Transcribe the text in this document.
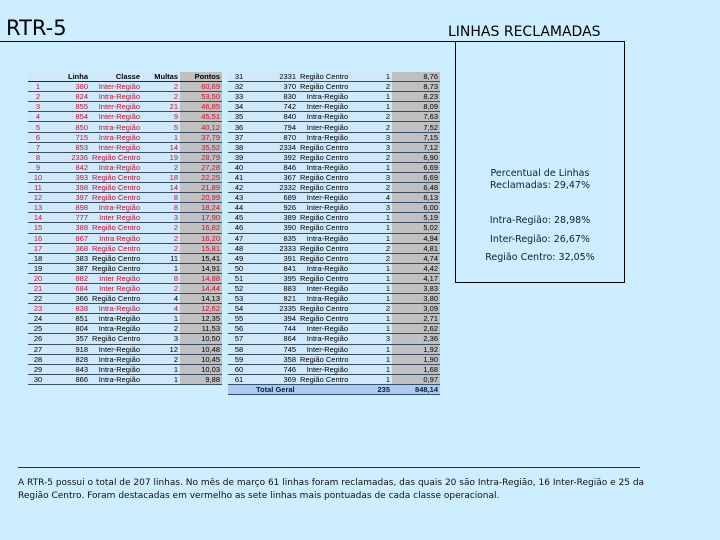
RTR-5	LINHAS RECLAMADAS
	Linha	Classe	Multas	Pontos
1	380	Inter-Região	2	60,69
2	824	Intra-Região	2	53,50
3	855	Inter-Região	21	46,85
4	854	Inter-Região	9	45,51
5	850	Intra-Região	5	40,12
6	715	Intra-Região	1	37,79
7	853	Inter-Região	14	35,52
8	2336	Região Centro	19	28,79
9	842	Intra-Região	2	27,28
10	393	Região Centro	18	22,25
11	398	Região Centro	14	21,89
12	397	Região Centro	8	20,99
13	898	Intra-Região	8	18,24
14	777	Inter Região	3	17,90
15	388	Região Centro	2	16,82
16	867	Intra Região	2	16,20
17	368	Região Centro	2	15,81
18	383	Região Centro	11	15,41
19	387	Região Centro	1	14,91
20	882	Inter Região	8	14,88
21	684	Inter Região	2	14,44
22	366	Região Centro	4	14,13
23	838	Intra-Região	4	12,62
24	851	Intra-Região	1	12,35
25	804	Intra-Região	2	11,53
26	357	Região Centro	3	10,50
27	918	Inter-Região	12	10,48
28	828	Intra-Região	2	10,45
29	843	Intra-Região	1	10,03
30	866	Intra-Região	1	9,88
31	2331	Região Centro	1	8,76
32	370	Região Centro	2	8,73
33	830	Intra-Região	1	8,23
34	742	Inter-Região	1	8,09
35	840	Intra-Região	2	7,63
36	794	Inter-Região	2	7,52
37	870	Intra-Região	3	7,15
38	2334	Região Centro	3	7,12
39	392	Região Centro	2	6,90
40	846	Intra-Região	1	6,69
41	367	Região Centro	3	6,69
42	2332	Região Centro	2	6,48
43	689	Inter-Região	4	6,13
44	926	Inter-Região	3	6,00
45	389	Região Centro	1	5,19
46	390	Região Centro	1	5,02
47	835	Intra-Região	1	4,94
48	2333	Região Centro	2	4,81
49	391	Região Centro	2	4,74
50	841	Intra-Região	1	4,42
51	395	Região Centro	1	4,17
52	883	Inter-Região	1	3,83
53	821	Intra-Região	1	3,80
54	2335	Região Centro	2	3,09
55	394	Região Centro	1	2,71
56	744	Inter-Região	1	2,62
57	864	Intra-Região	3	2,36
58	745	Inter-Região	1	1,92
59	358	Região Centro	1	1,90
60	746	Inter-Região	1	1,68
61	369	Região Centro	1	0,97
Total Geral			235	848,14
Percentual de Linhas
Reclamadas: 29,47%
Intra-Região: 28,98%
Inter-Região: 26,67%
Região Centro: 32,05%
A RTR-5 possui o total de 207 linhas. No mês de março 61 linhas foram reclamadas, das quais 20 são Intra-Região, 16 Inter-Região e 25 da Região Centro. Foram destacadas em vermelho as sete linhas mais pontuadas de cada classe operacional.
